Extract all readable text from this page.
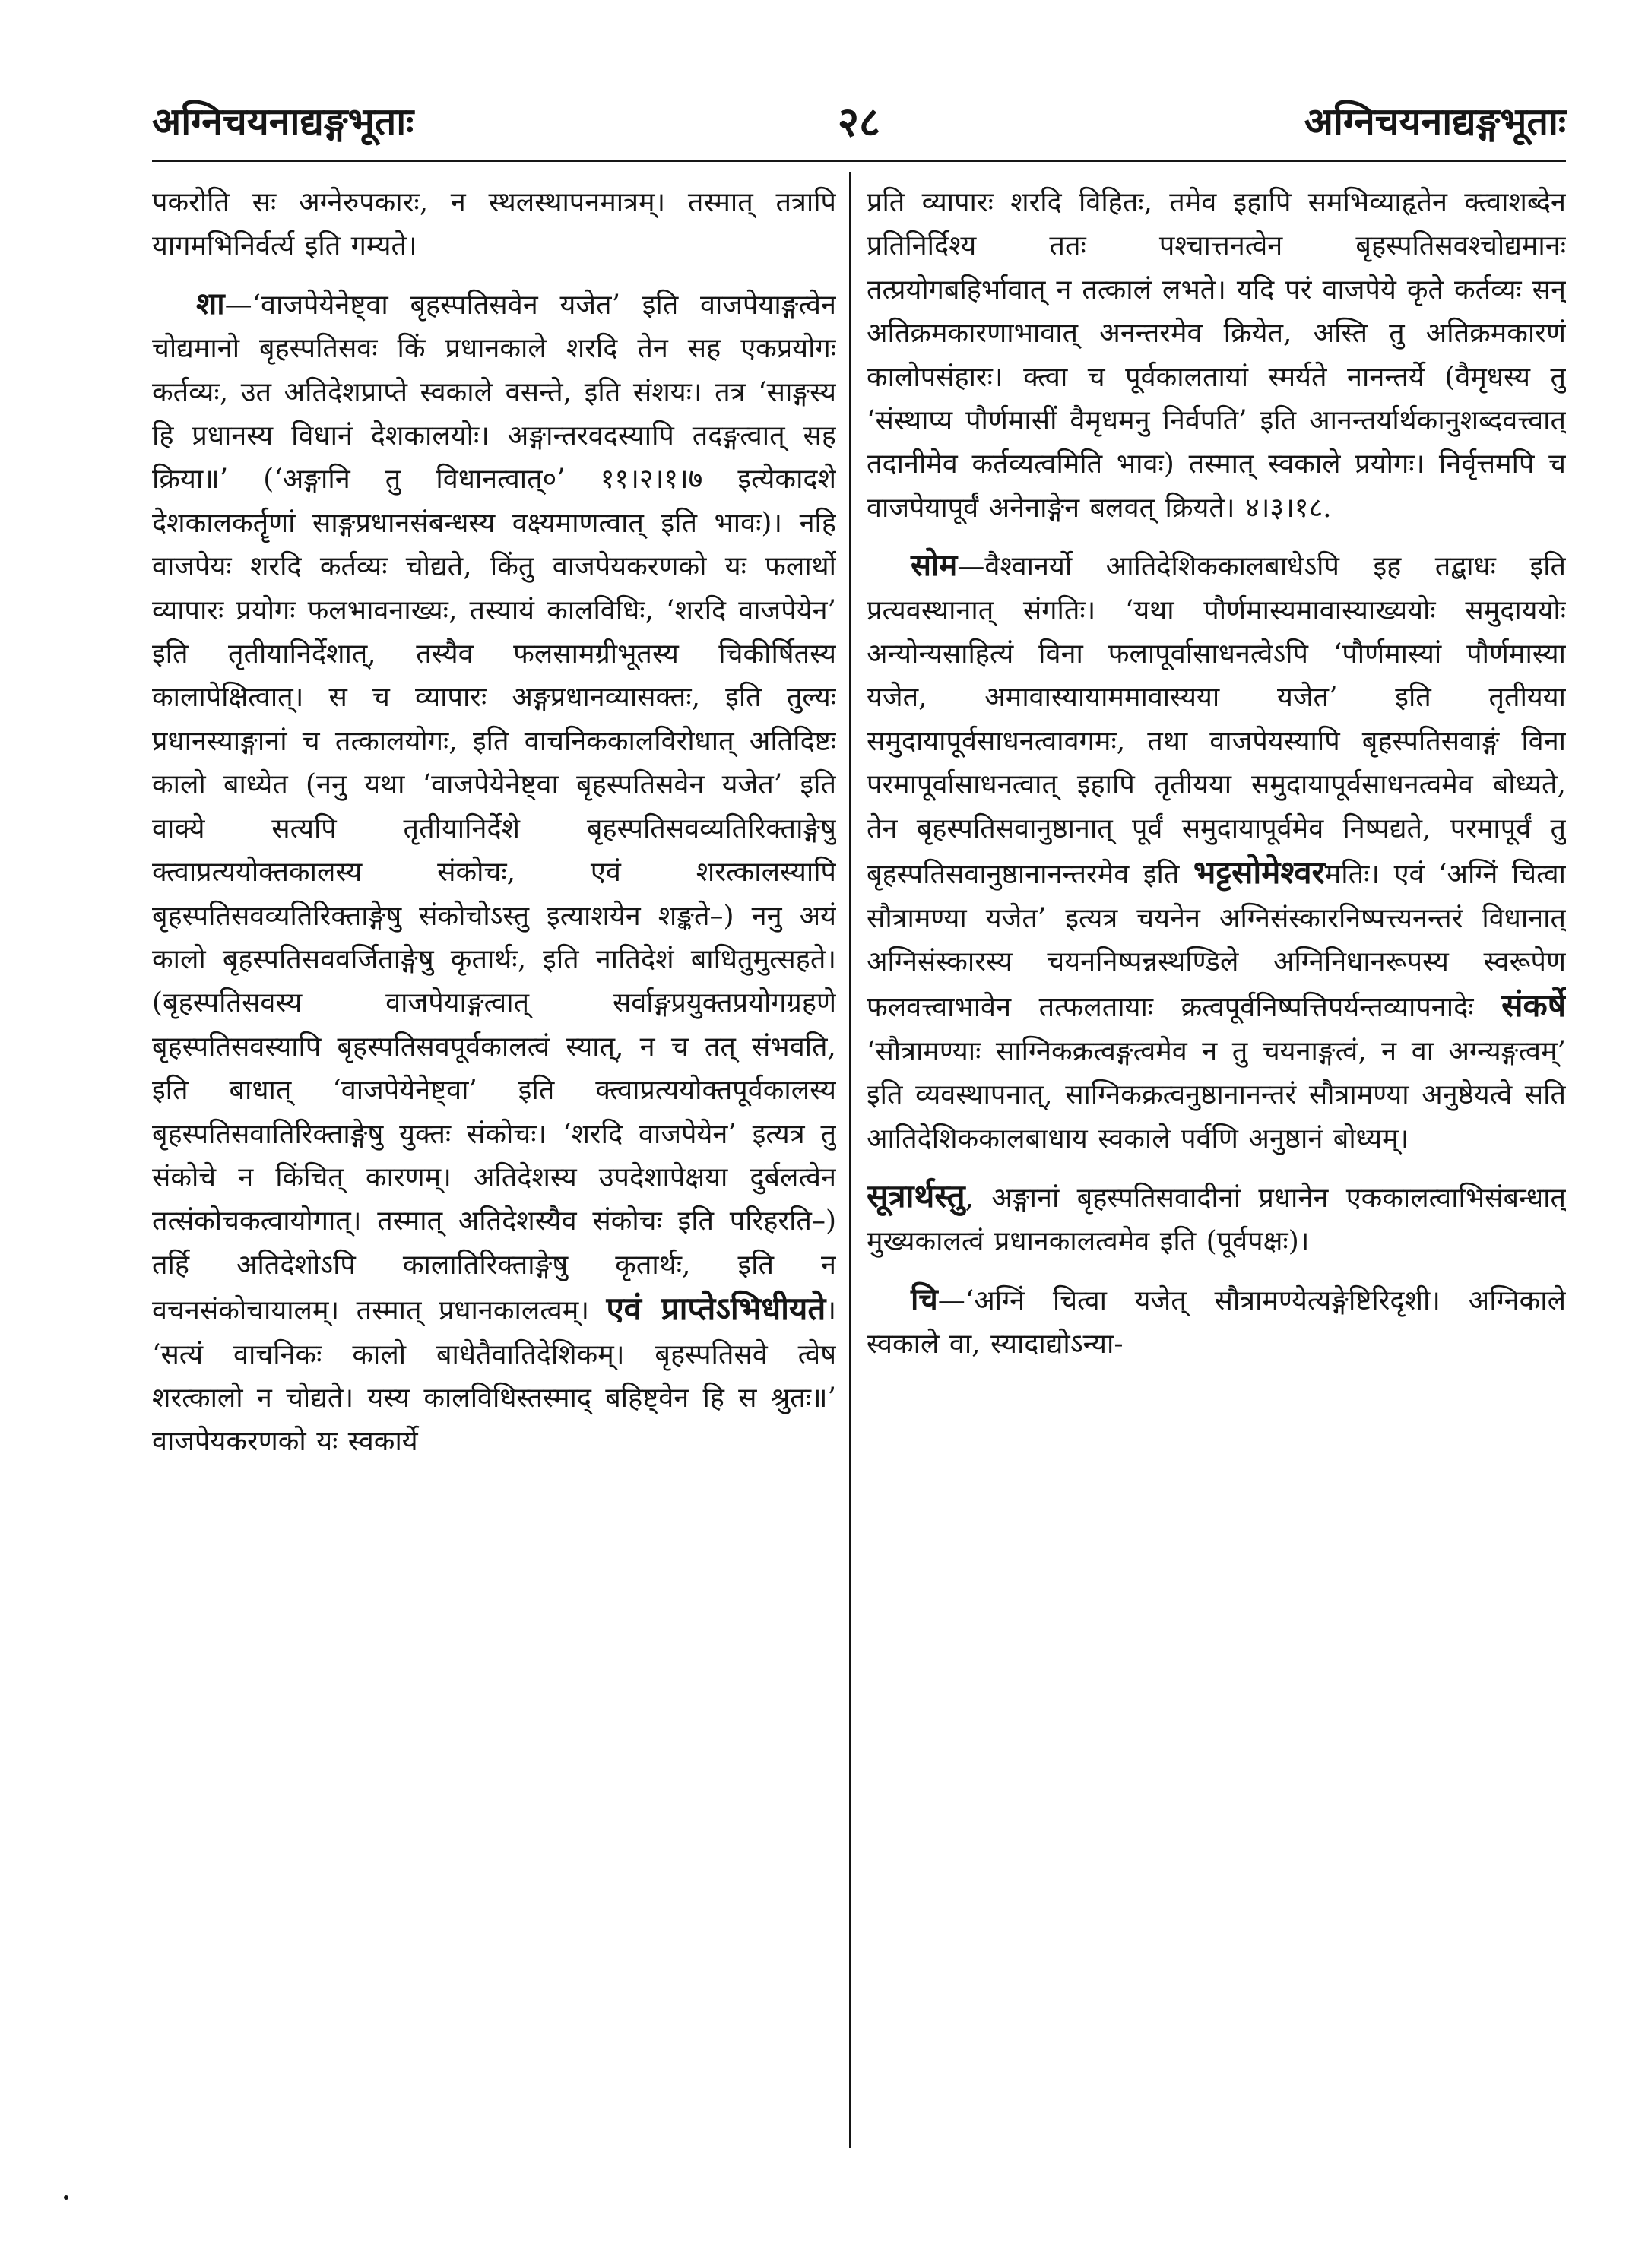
अग्निचयनाद्यङ्गभूताः	२८	अग्निचयनाद्यङ्गभूताः

पकरोति सः अग्नेरुपकारः, न स्थलस्थापनमात्रम्। तस्मात् तत्रापि यागमभिनिर्वर्त्य इति गम्यते।

शा—‘वाजपेयेनेष्ट्वा बृहस्पतिसवेन यजेत’ इति वाजपेयाङ्गत्वेन चोद्यमानो बृहस्पतिसवः किं प्रधानकाले शरदि तेन सह एकप्रयोगः कर्तव्यः, उत अतिदेशप्राप्ते स्वकाले वसन्ते, इति संशयः। तत्र ‘साङ्गस्य हि प्रधानस्य विधानं देशकालयोः। अङ्गान्तरवदस्यापि तदङ्गत्वात् सह क्रिया॥’ (‘अङ्गानि तु विधानत्वात्०’ ११।२।१।७ इत्येकादशे देशकालकर्तॄणां साङ्गप्रधानसंबन्धस्य वक्ष्यमाणत्वात् इति भावः)। नहि वाजपेयः शरदि कर्तव्यः चोद्यते, किंतु वाजपेयकरणको यः फलार्थो व्यापारः प्रयोगः फलभावनाख्यः, तस्यायं कालविधिः, ‘शरदि वाजपेयेन’ इति तृतीयानिर्देशात्, तस्यैव फलसामग्रीभूतस्य चिकीर्षितस्य कालापेक्षित्वात्। स च व्यापारः अङ्गप्रधानव्यासक्तः, इति तुल्यः प्रधानस्याङ्गानां च तत्कालयोगः, इति वाचनिककालविरोधात् अतिदिष्टः कालो बाध्येत (ननु यथा ‘वाजपेयेनेष्ट्वा बृहस्पतिसवेन यजेत’ इति वाक्ये सत्यपि तृतीयानिर्देशे बृहस्पतिसवव्यतिरिक्ताङ्गेषु क्त्वाप्रत्ययोक्तकालस्य संकोचः, एवं शरत्कालस्यापि बृहस्पतिसवव्यतिरिक्ताङ्गेषु संकोचोऽस्तु इत्याशयेन शङ्कते–) ननु अयं कालो बृहस्पतिसववर्जिताङ्गेषु कृतार्थः, इति नातिदेशं बाधितुमुत्सहते। (बृहस्पतिसवस्य वाजपेयाङ्गत्वात् सर्वाङ्गप्रयुक्तप्रयोगग्रहणे बृहस्पतिसवस्यापि बृहस्पतिसवपूर्वकालत्वं स्यात्, न च तत् संभवति, इति बाधात् ‘वाजपेयेनेष्ट्वा’ इति क्त्वाप्रत्ययोक्तपूर्वकालस्य बृहस्पतिसवातिरिक्ताङ्गेषु युक्तः संकोचः। ‘शरदि वाजपेयेन’ इत्यत्र तु संकोचे न किंचित् कारणम्। अतिदेशस्य उपदेशापेक्षया दुर्बलत्वेन तत्संकोचकत्वायोगात्। तस्मात् अतिदेशस्यैव संकोचः इति परिहरति–) तर्हि अतिदेशोऽपि कालातिरिक्ताङ्गेषु कृतार्थः, इति न वचनसंकोचायालम्। तस्मात् प्रधानकालत्वम्। एवं प्राप्तेऽभिधीयते। ‘सत्यं वाचनिकः कालो बाधेतैवातिदेशिकम्। बृहस्पतिसवे त्वेष शरत्कालो न चोद्यते। यस्य कालविधिस्तस्माद् बहिष्ट्वेन हि स श्रुतः॥’ वाजपेयकरणको यः स्वकार्ये

प्रति व्यापारः शरदि विहितः, तमेव इहापि समभिव्याहृतेन क्त्वाशब्देन प्रतिनिर्दिश्य ततः पश्चात्तनत्वेन बृहस्पतिसवश्चोद्यमानः तत्प्रयोगबहिर्भावात् न तत्कालं लभते। यदि परं वाजपेये कृते कर्तव्यः सन् अतिक्रमकारणाभावात् अनन्तरमेव क्रियेत, अस्ति तु अतिक्रमकारणं कालोपसंहारः। क्त्वा च पूर्वकालतायां स्मर्यते नानन्तर्ये (वैमृधस्य तु ‘संस्थाप्य पौर्णमासीं वैमृधमनु निर्वपति’ इति आनन्तर्यार्थकानुशब्दवत्त्वात् तदानीमेव कर्तव्यत्वमिति भावः) तस्मात् स्वकाले प्रयोगः। निर्वृत्तमपि च वाजपेयापूर्वं अनेनाङ्गेन बलवत् क्रियते। ४।३।१८.

सोम—वैश्वानर्यो आतिदेशिककालबाधेऽपि इह तद्बाधः इति प्रत्यवस्थानात् संगतिः। ‘यथा पौर्णमास्यमावास्याख्ययोः समुदाययोः अन्योन्यसाहित्यं विना फलापूर्वासाधनत्वेऽपि ‘पौर्णमास्यां पौर्णमास्या यजेत, अमावास्यायाममावास्यया यजेत’ इति तृतीयया समुदायापूर्वसाधनत्वावगमः, तथा वाजपेयस्यापि बृहस्पतिसवाङ्गं विना परमापूर्वासाधनत्वात् इहापि तृतीयया समुदायापूर्वसाधनत्वमेव बोध्यते, तेन बृहस्पतिसवानुष्ठानात् पूर्वं समुदायापूर्वमेव निष्पद्यते, परमापूर्वं तु बृहस्पतिसवानुष्ठानानन्तरमेव इति भट्टसोमेश्वरमतिः। एवं ‘अग्निं चित्वा सौत्रामण्या यजेत’ इत्यत्र चयनेन अग्निसंस्कारनिष्पत्त्यनन्तरं विधानात् अग्निसंस्कारस्य चयननिष्पन्नस्थण्डिले अग्निनिधानरूपस्य स्वरूपेण फलवत्त्वाभावेन तत्फलतायाः क्रत्वपूर्वनिष्पत्तिपर्यन्तव्यापनादेः संकर्षे ‘सौत्रामण्याः साग्निकक्रत्वङ्गत्वमेव न तु चयनाङ्गत्वं, न वा अग्न्यङ्गत्वम्’ इति व्यवस्थापनात्, साग्निकक्रत्वनुष्ठानानन्तरं सौत्रामण्या अनुष्ठेयत्वे सति आतिदेशिककालबाधाय स्वकाले पर्वणि अनुष्ठानं बोध्यम्।

सूत्रार्थस्तु, अङ्गानां बृहस्पतिसवादीनां प्रधानेन एककालत्वाभिसंबन्धात् मुख्यकालत्वं प्रधानकालत्वमेव इति (पूर्वपक्षः)।

चि—‘अग्निं चित्वा यजेत् सौत्रामण्येत्यङ्गेष्टिरिदृशी। अग्निकाले स्वकाले वा, स्यादाद्योऽन्या-
